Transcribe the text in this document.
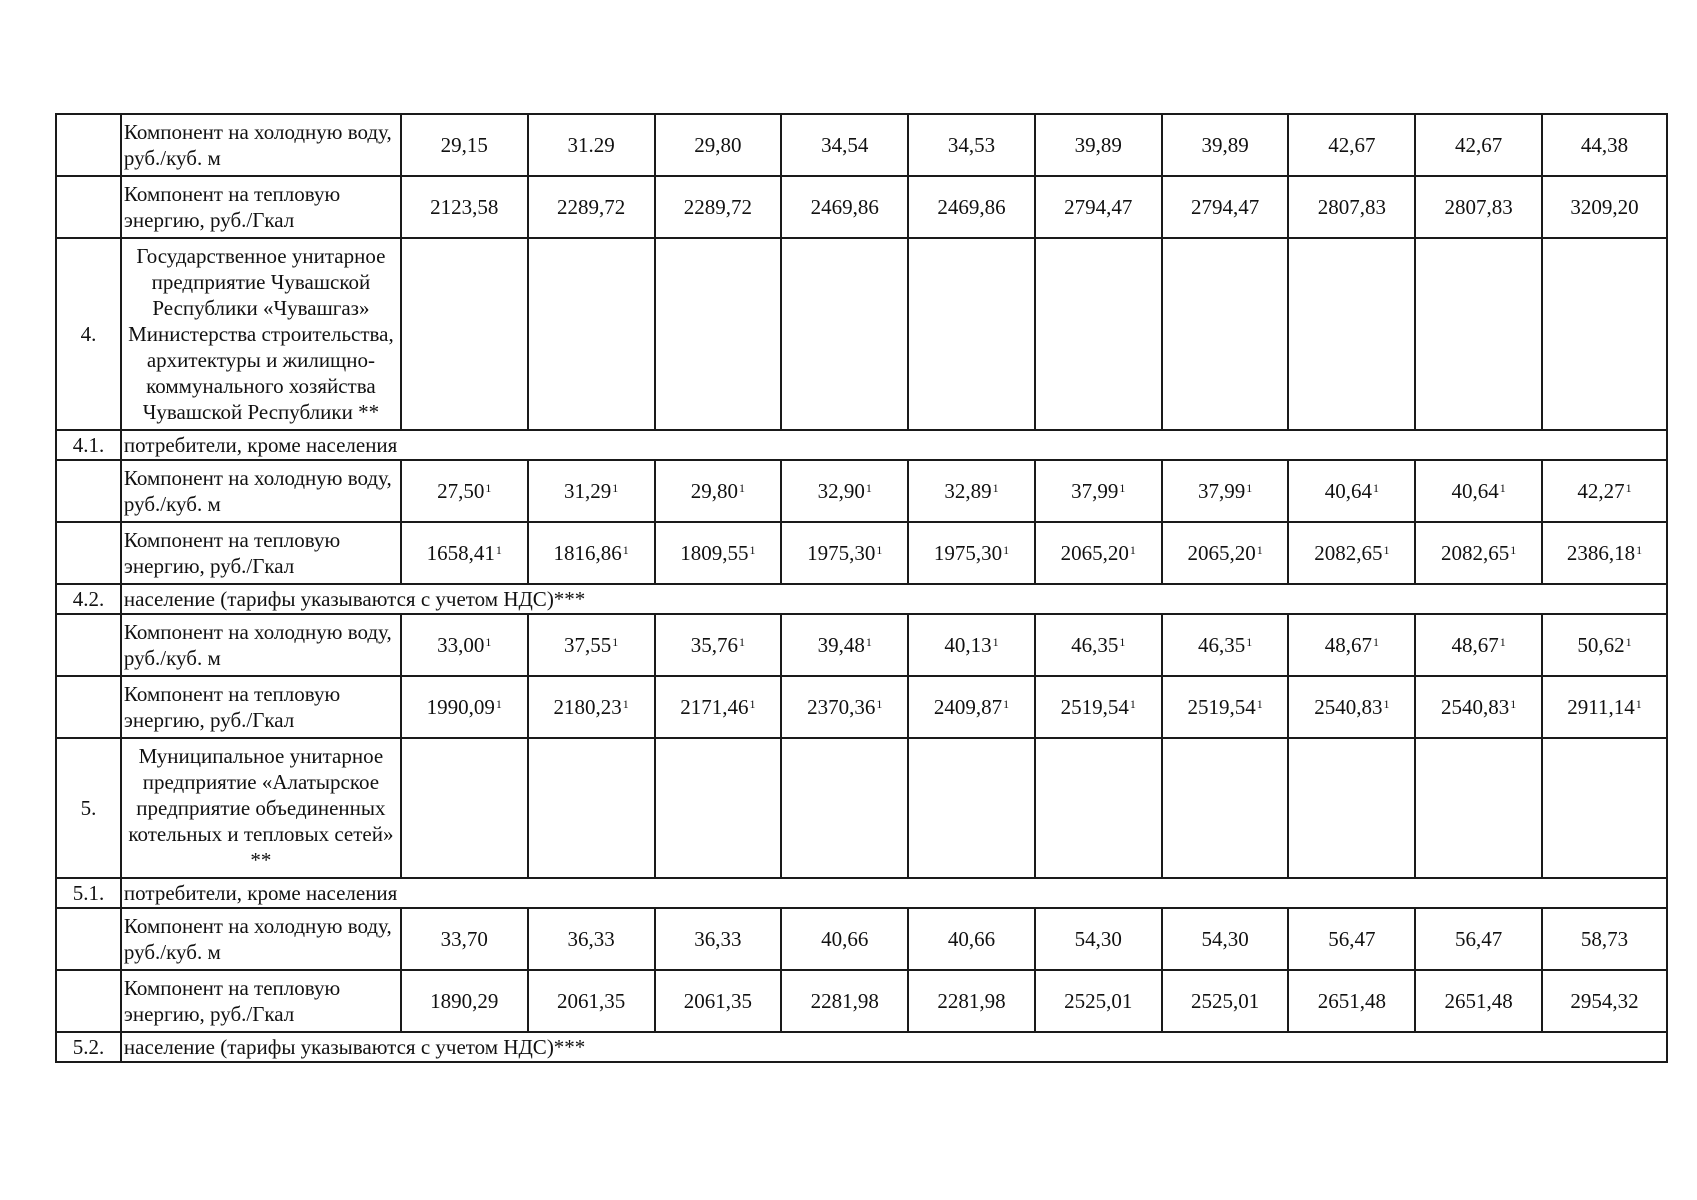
	Компонент на холодную воду, руб./куб. м	29,15	31.29	29,80	34,54	34,53	39,89	39,89	42,67	42,67	44,38
	Компонент на тепловую энергию, руб./Гкал	2123,58	2289,72	2289,72	2469,86	2469,86	2794,47	2794,47	2807,83	2807,83	3209,20
4.	Государственное унитарное предприятие Чувашской Республики «Чувашгаз» Министерства строительства, архитектуры и жилищно-коммунального хозяйства Чувашской Республики **										
4.1.	потребители, кроме населения										
	Компонент на холодную воду, руб./куб. м	27,50$^1$	31,29$^1$	29,80$^1$	32,90$^1$	32,89$^1$	37,99$^1$	37,99$^1$	40,64$^1$	40,64$^1$	42,27$^1$
	Компонент на тепловую энергию, руб./Гкал	1658,41$^1$	1816,86$^1$	1809,55$^1$	1975,30$^1$	1975,30$^1$	2065,20$^1$	2065,20$^1$	2082,65$^1$	2082,65$^1$	2386,18$^1$
4.2.	население (тарифы указываются с учетом НДС)***										
	Компонент на холодную воду, руб./куб. м	33,00$^1$	37,55$^1$	35,76$^1$	39,48$^1$	40,13$^1$	46,35$^1$	46,35$^1$	48,67$^1$	48,67$^1$	50,62$^1$
	Компонент на тепловую энергию, руб./Гкал	1990,09$^1$	2180,23$^1$	2171,46$^1$	2370,36$^1$	2409,87$^1$	2519,54$^1$	2519,54$^1$	2540,83$^1$	2540,83$^1$	2911,14$^1$
5.	Муниципальное унитарное предприятие «Алатырское предприятие объединенных котельных и тепловых сетей» **										
5.1.	потребители, кроме населения										
	Компонент на холодную воду, руб./куб. м	33,70	36,33	36,33	40,66	40,66	54,30	54,30	56,47	56,47	58,73
	Компонент на тепловую энергию, руб./Гкал	1890,29	2061,35	2061,35	2281,98	2281,98	2525,01	2525,01	2651,48	2651,48	2954,32
5.2.	население (тарифы указываются с учетом НДС)***										
